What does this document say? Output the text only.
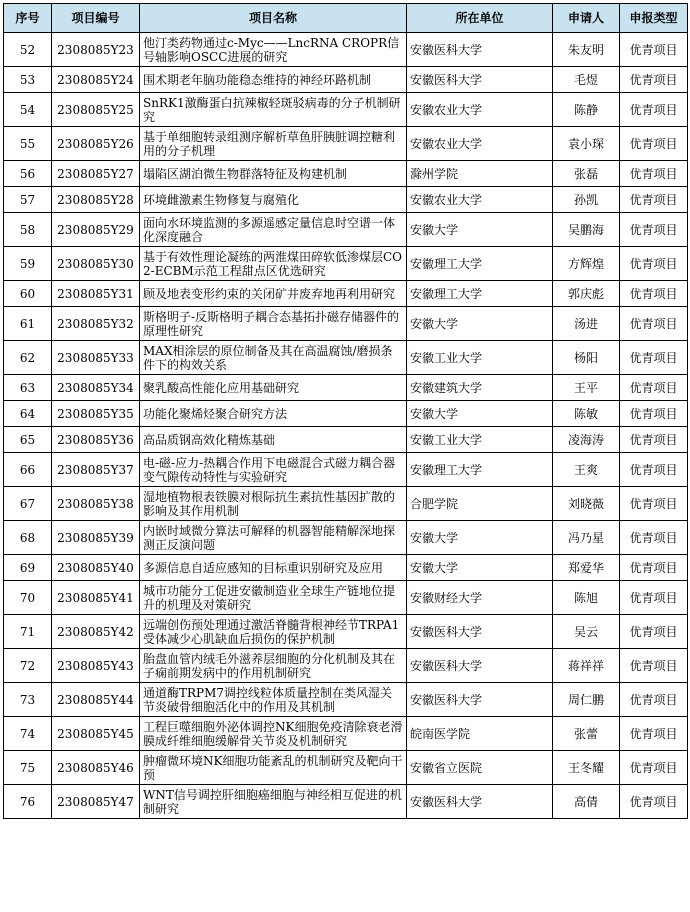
序号	项目编号	项目名称	所在单位	申请人	申报类型
52	2308085Y23	他汀类药物通过c-Myc——LncRNA CROPR信号轴影响OSCC进展的研究	安徽医科大学	朱友明	优青项目
53	2308085Y24	围术期老年脑功能稳态维持的神经环路机制	安徽医科大学	毛煜	优青项目
54	2308085Y25	SnRK1激酶蛋白抗辣椒轻斑驳病毒的分子机制研究	安徽农业大学	陈静	优青项目
55	2308085Y26	基于单细胞转录组测序解析草鱼肝胰脏调控糖利用的分子机理	安徽农业大学	袁小琛	优青项目
56	2308085Y27	塌陷区湖泊微生物群落特征及构建机制	滁州学院	张磊	优青项目
57	2308085Y28	环境雌激素生物修复与腐殖化	安徽农业大学	孙凯	优青项目
58	2308085Y29	面向水环境监测的多源遥感定量信息时空谱一体化深度融合	安徽大学	吴鹏海	优青项目
59	2308085Y30	基于有效性理论凝练的两淮煤田碎软低渗煤层CO2-ECBM示范工程甜点区优选研究	安徽理工大学	方辉煌	优青项目
60	2308085Y31	顾及地表变形约束的关闭矿井废弃地再利用研究	安徽理工大学	郭庆彪	优青项目
61	2308085Y32	斯格明子-反斯格明子耦合态基拓扑磁存储器件的原理性研究	安徽大学	汤进	优青项目
62	2308085Y33	MAX相涂层的原位制备及其在高温腐蚀/磨损条件下的构效关系	安徽工业大学	杨阳	优青项目
63	2308085Y34	聚乳酸高性能化应用基础研究	安徽建筑大学	王平	优青项目
64	2308085Y35	功能化聚烯烃聚合研究方法	安徽大学	陈敏	优青项目
65	2308085Y36	高品质钢高效化精炼基础	安徽工业大学	凌海涛	优青项目
66	2308085Y37	电-磁-应力-热耦合作用下电磁混合式磁力耦合器变气隙传动特性与实验研究	安徽理工大学	王爽	优青项目
67	2308085Y38	湿地植物根表铁膜对根际抗生素抗性基因扩散的影响及其作用机制	合肥学院	刘晓薇	优青项目
68	2308085Y39	内嵌时域微分算法可解释的机器智能精解深地探测正反演问题	安徽大学	冯乃星	优青项目
69	2308085Y40	多源信息自适应感知的目标重识别研究及应用	安徽大学	郑爱华	优青项目
70	2308085Y41	城市功能分工促进安徽制造业全球生产链地位提升的机理及对策研究	安徽财经大学	陈旭	优青项目
71	2308085Y42	远端创伤预处理通过激活脊髓背根神经节TRPA1受体减少心肌缺血后损伤的保护机制	安徽医科大学	吴云	优青项目
72	2308085Y43	胎盘血管内绒毛外滋养层细胞的分化机制及其在子痫前期发病中的作用机制研究	安徽医科大学	蒋祥祥	优青项目
73	2308085Y44	通道酶TRPM7调控线粒体质量控制在类风湿关节炎破骨细胞活化中的作用及其机制	安徽医科大学	周仁鹏	优青项目
74	2308085Y45	工程巨噬细胞外泌体调控NK细胞免疫清除衰老滑膜成纤维细胞缓解骨关节炎及机制研究	皖南医学院	张蕾	优青项目
75	2308085Y46	肿瘤微环境NK细胞功能紊乱的机制研究及靶向干预	安徽省立医院	王冬耀	优青项目
76	2308085Y47	WNT信号调控肝细胞癌细胞与神经相互促进的机制研究	安徽医科大学	高倩	优青项目
